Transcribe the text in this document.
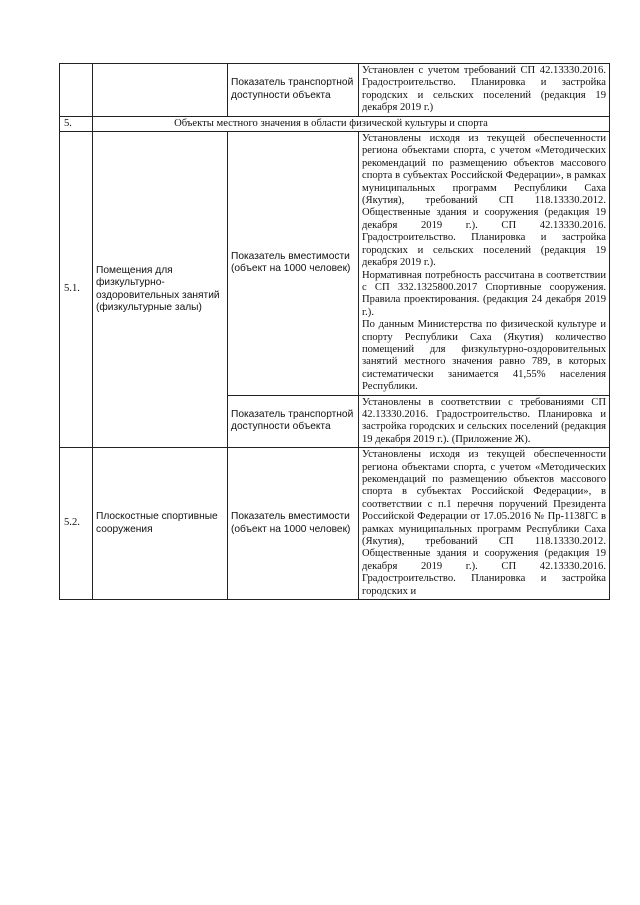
		Показатель транспортной доступности объекта	Установлен с учетом требований СП 42.13330.2016. Градостроительство. Планировка и застройка городских и сельских поселений (редакция 19 декабря 2019 г.)
5.	Объекты местного значения в области физической культуры и спорта		
5.1.	Помещения для физкультурно-оздоровительных занятий (физкультурные залы)	Показатель вместимости (объект на 1000 человек)	Установлены исходя из текущей обеспеченности региона объектами спорта, с учетом «Методических рекомендаций по размещению объектов массового спорта в субъектах Российской Федерации», в рамках муниципальных программ Республики Саха (Якутия), требований СП 118.13330.2012. Общественные здания и сооружения (редакция 19 декабря 2019 г.). СП 42.13330.2016. Градостроительство. Планировка и застройка городских и сельских поселений (редакция 19 декабря 2019 г.).
Нормативная потребность рассчитана в соответствии с СП 332.1325800.2017 Спортивные сооружения. Правила проектирования. (редакция 24 декабря 2019 г.).
По данным Министерства по физической культуре и спорту Республики Саха (Якутия) количество помещений для физкультурно-оздоровительных занятий местного значения равно 789, в которых систематически занимается 41,55% населения Республики.

		Показатель транспортной доступности объекта	Установлены в соответствии с требованиями СП 42.13330.2016. Градостроительство. Планировка и застройка городских и сельских поселений (редакция 19 декабря 2019 г.). (Приложение Ж).
5.2.	Плоскостные спортивные сооружения	Показатель вместимости (объект на 1000 человек)	Установлены исходя из текущей обеспеченности региона объектами спорта, с учетом «Методических рекомендаций по размещению объектов массового спорта в субъектах Российской Федерации», в соответствии с п.1 перечня поручений Президента Российской Федерации от 17.05.2016 № Пр-1138ГС в рамках муниципальных программ Республики Саха (Якутия), требований СП 118.13330.2012. Общественные здания и сооружения (редакция 19 декабря 2019 г.). СП 42.13330.2016. Градостроительство. Планировка и застройка городских и
